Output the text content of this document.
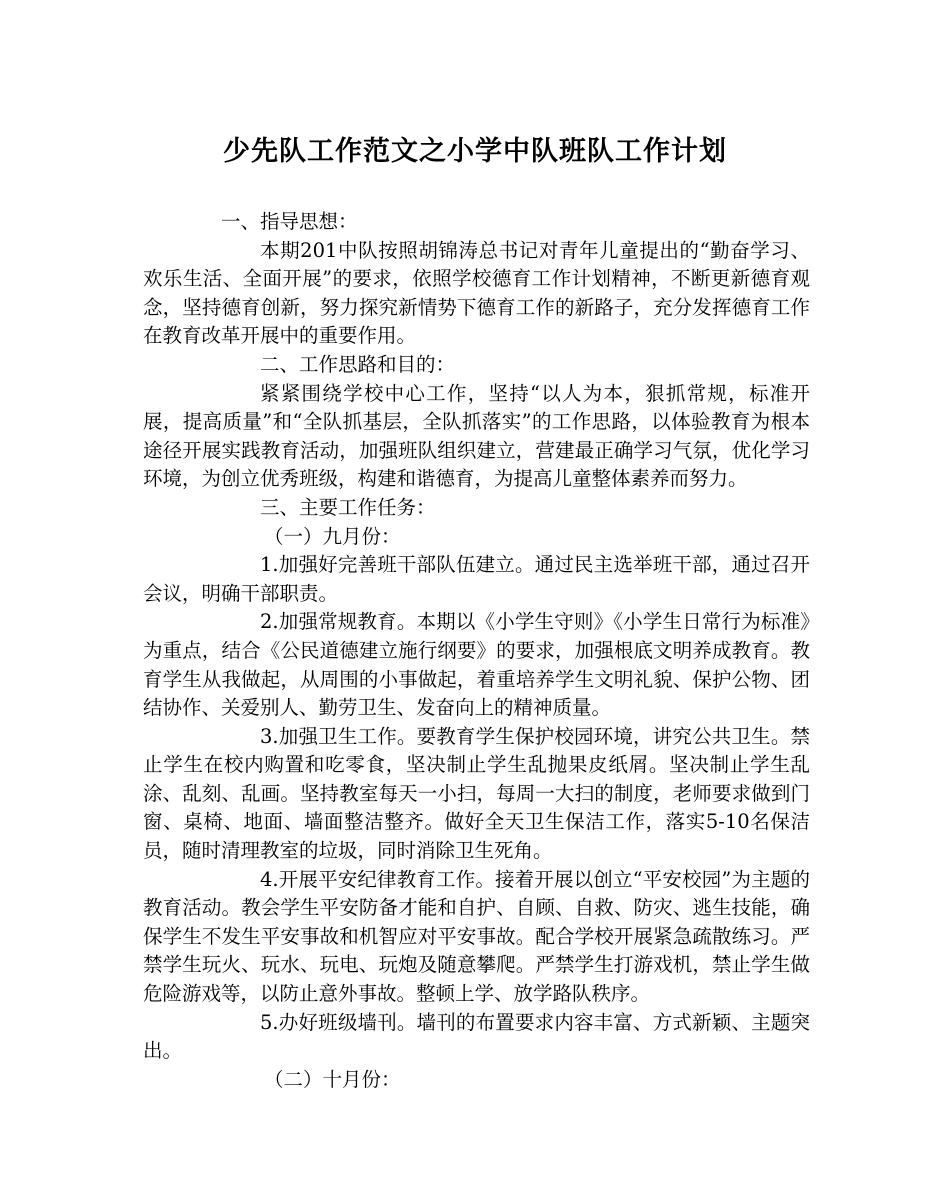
少先队工作范文之小学中队班队工作计划

一、指导思想：

本期201中队按照胡锦涛总书记对青年儿童提出的“勤奋学习、欢乐生活、全面开展”的要求，依照学校德育工作计划精神，不断更新德育观念，坚持德育创新，努力探究新情势下德育工作的新路子，充分发挥德育工作在教育改革开展中的重要作用。

二、工作思路和目的：

紧紧围绕学校中心工作，坚持“以人为本，狠抓常规，标准开展，提高质量”和“全队抓基层，全队抓落实”的工作思路，以体验教育为根本途径开展实践教育活动，加强班队组织建立，营建最正确学习气氛，优化学习环境，为创立优秀班级，构建和谐德育，为提高儿童整体素养而努力。

三、主要工作任务：

（一）九月份：

1.加强好完善班干部队伍建立。通过民主选举班干部，通过召开会议，明确干部职责。

2.加强常规教育。本期以《小学生守则》《小学生日常行为标准》为重点，结合《公民道德建立施行纲要》的要求，加强根底文明养成教育。教育学生从我做起，从周围的小事做起，着重培养学生文明礼貌、保护公物、团结协作、关爱别人、勤劳卫生、发奋向上的精神质量。

3.加强卫生工作。要教育学生保护校园环境，讲究公共卫生。禁止学生在校内购置和吃零食，坚决制止学生乱抛果皮纸屑。坚决制止学生乱涂、乱刻、乱画。坚持教室每天一小扫，每周一大扫的制度，老师要求做到门窗、桌椅、地面、墙面整洁整齐。做好全天卫生保洁工作，落实5-10名保洁员，随时清理教室的垃圾，同时消除卫生死角。

4.开展平安纪律教育工作。接着开展以创立“平安校园”为主题的教育活动。教会学生平安防备才能和自护、自顾、自救、防灾、逃生技能，确保学生不发生平安事故和机智应对平安事故。配合学校开展紧急疏散练习。严禁学生玩火、玩水、玩电、玩炮及随意攀爬。严禁学生打游戏机，禁止学生做危险游戏等，以防止意外事故。整顿上学、放学路队秩序。

5.办好班级墙刊。墙刊的布置要求内容丰富、方式新颖、主题突出。

（二）十月份：
